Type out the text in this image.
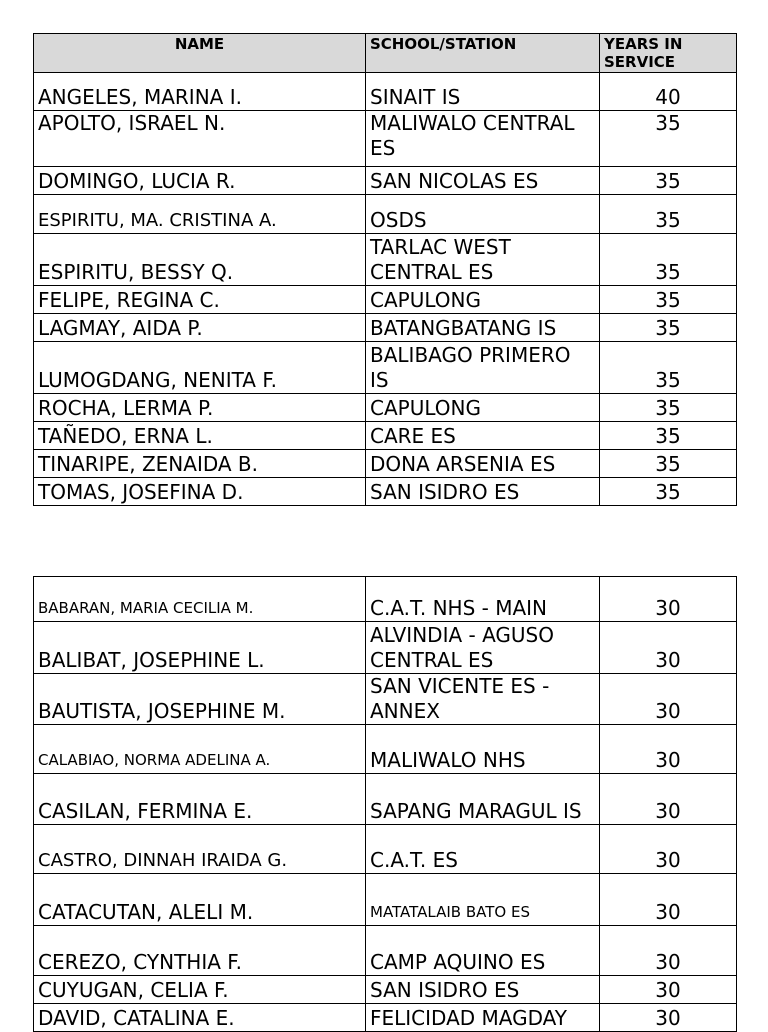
NAME	SCHOOL/STATION	YEARS IN SERVICE
ANGELES, MARINA I.	SINAIT IS	40
APOLTO, ISRAEL N.	MALIWALO CENTRAL ES	35
DOMINGO, LUCIA R.	SAN NICOLAS ES	35
ESPIRITU, MA. CRISTINA A.	OSDS	35
ESPIRITU, BESSY Q.	TARLAC WEST CENTRAL ES	35
FELIPE, REGINA C.	CAPULONG	35
LAGMAY, AIDA P.	BATANGBATANG IS	35
LUMOGDANG, NENITA F.	BALIBAGO PRIMERO IS	35
ROCHA, LERMA P.	CAPULONG	35
TAÑEDO, ERNA L.	CARE ES	35
TINARIPE, ZENAIDA B.	DONA ARSENIA ES	35
TOMAS, JOSEFINA D.	SAN ISIDRO ES	35
BABARAN, MARIA CECILIA M.	C.A.T. NHS - MAIN	30
BALIBAT, JOSEPHINE L.	ALVINDIA - AGUSO CENTRAL ES	30
BAUTISTA, JOSEPHINE M.	SAN VICENTE ES - ANNEX	30
CALABIAO, NORMA ADELINA A.	MALIWALO NHS	30
CASILAN, FERMINA E.	SAPANG MARAGUL IS	30
CASTRO, DINNAH IRAIDA G.	C.A.T. ES	30
CATACUTAN, ALELI M.	MATATALAIB BATO ES	30
CEREZO, CYNTHIA F.	CAMP AQUINO ES	30
CUYUGAN, CELIA F.	SAN ISIDRO ES	30
DAVID, CATALINA E.	FELICIDAD MAGDAY	30
